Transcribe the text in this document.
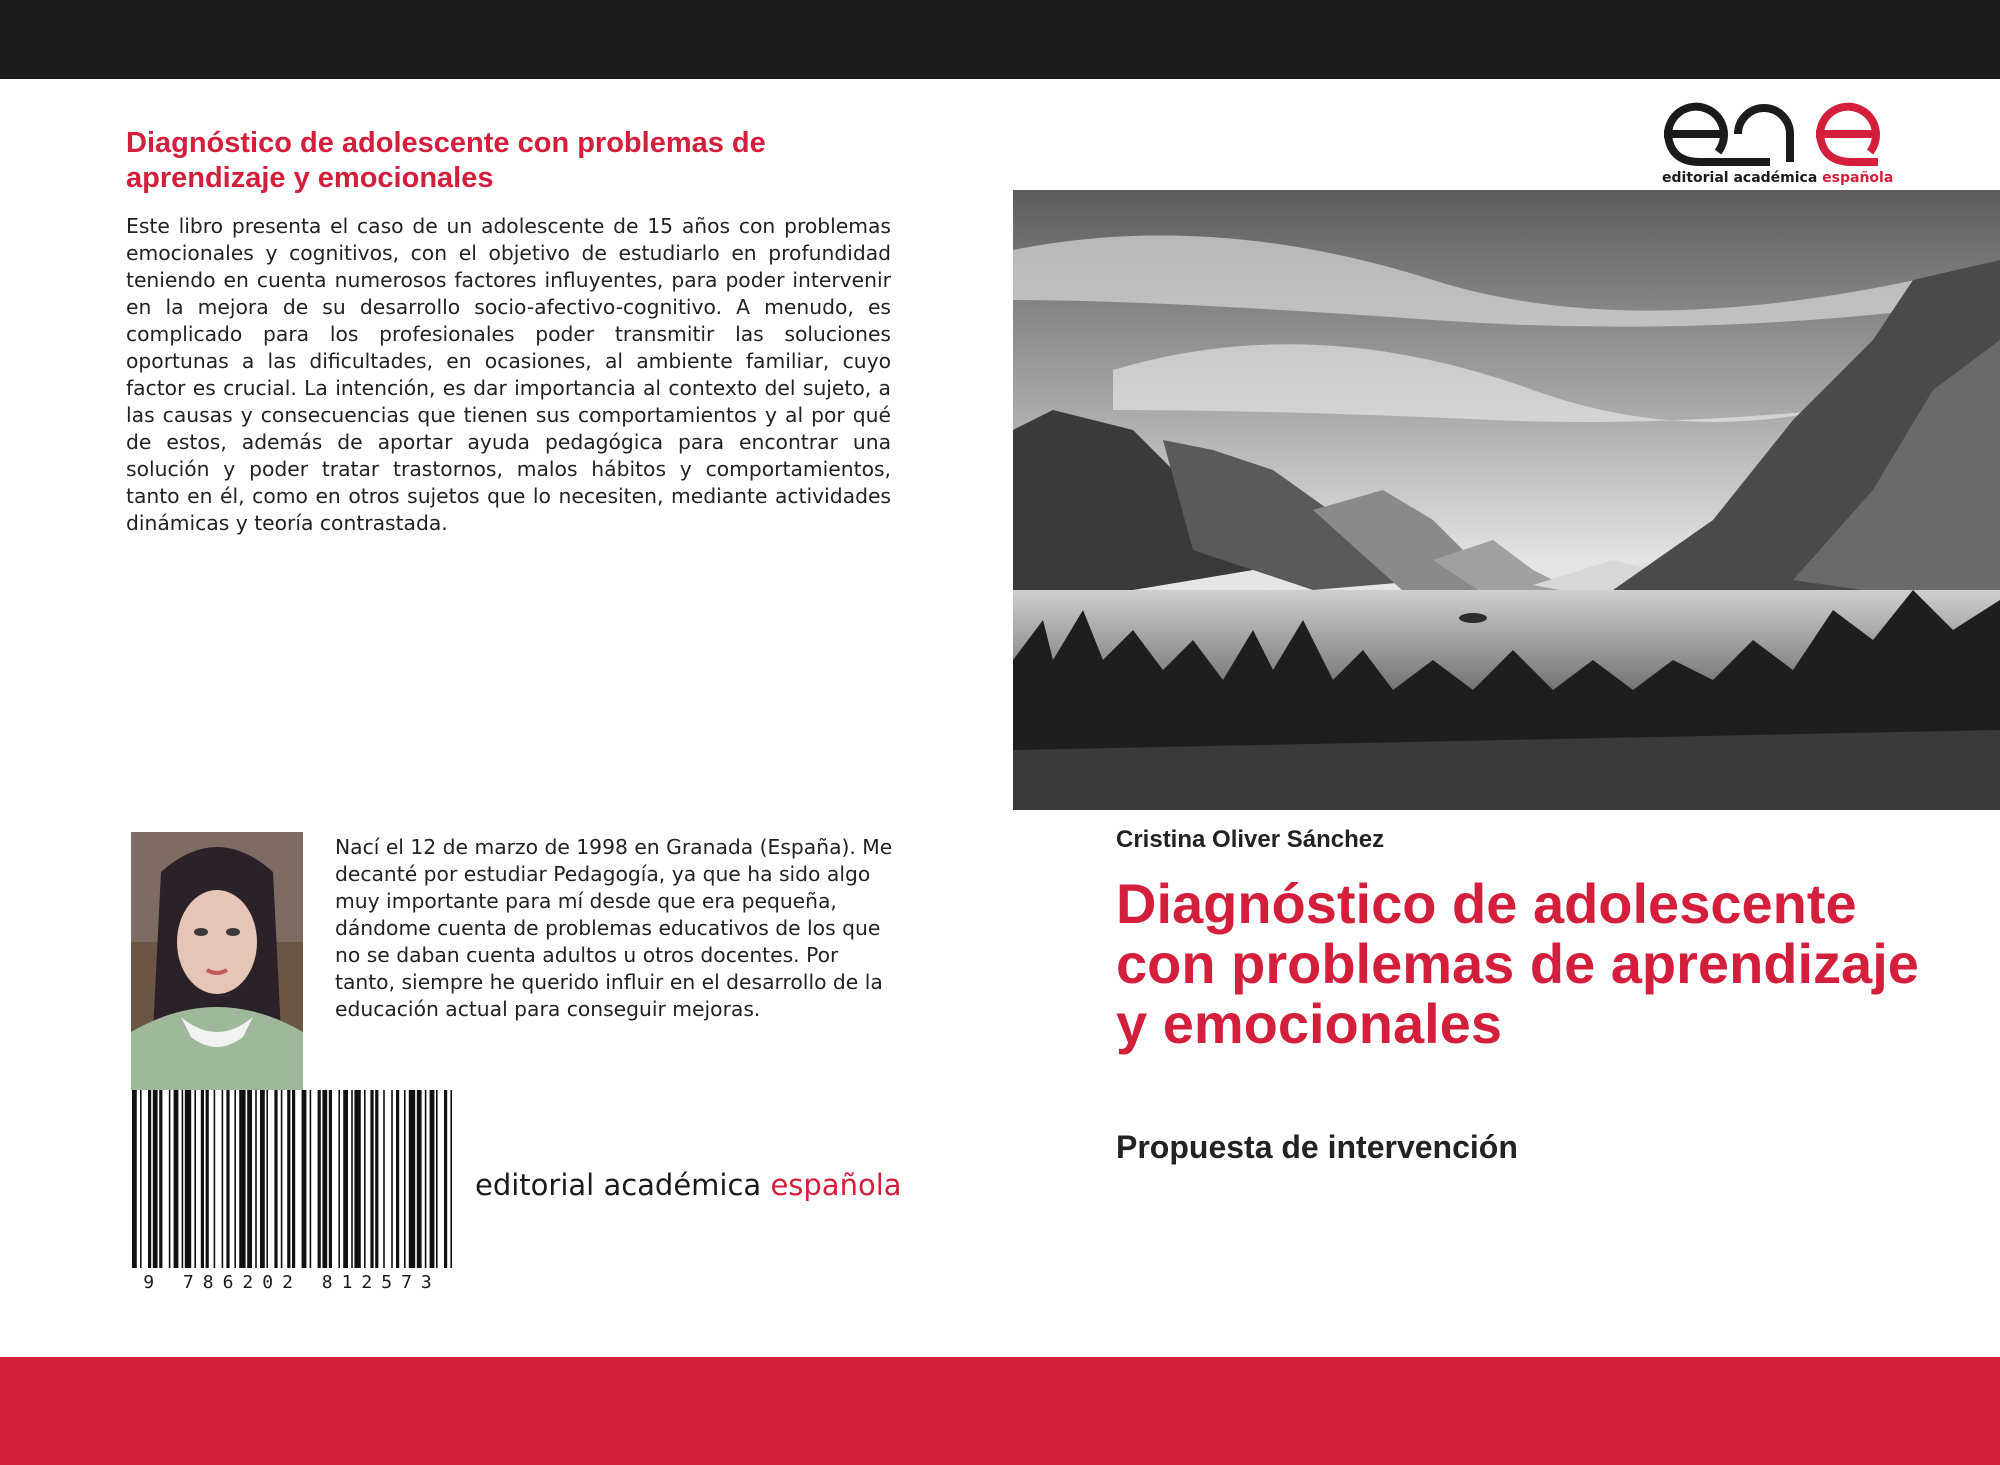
Diagnóstico de adolescente con problemas de aprendizaje y emocionales

Este libro presenta el caso de un adolescente de 15 años con problemas emocionales y cognitivos, con el objetivo de estudiarlo en profundidad teniendo en cuenta numerosos factores influyentes, para poder intervenir en la mejora de su desarrollo socio-afectivo-cognitivo. A menudo, es complicado para los profesionales poder transmitir las soluciones oportunas a las dificultades, en ocasiones, al ambiente familiar, cuyo factor es crucial. La intención, es dar importancia al contexto del sujeto, a las causas y consecuencias que tienen sus comportamientos y al por qué de estos, además de aportar ayuda pedagógica para encontrar una solución y poder tratar trastornos, malos hábitos y comportamientos, tanto en él, como en otros sujetos que lo necesiten, mediante actividades dinámicas y teoría contrastada.

Nací el 12 de marzo de 1998 en Granada (España). Me decanté por estudiar Pedagogía, ya que ha sido algo muy importante para mí desde que era pequeña, dándome cuenta de problemas educativos de los que no se daban cuenta adultos u otros docentes. Por tanto, siempre he querido influir en el desarrollo de la educación actual para conseguir mejoras.

9 786202 812573
editorial académica española
editorial académica española
Cristina Oliver Sánchez
Diagnóstico de adolescente con problemas de aprendizaje y emocionales
Propuesta de intervención
